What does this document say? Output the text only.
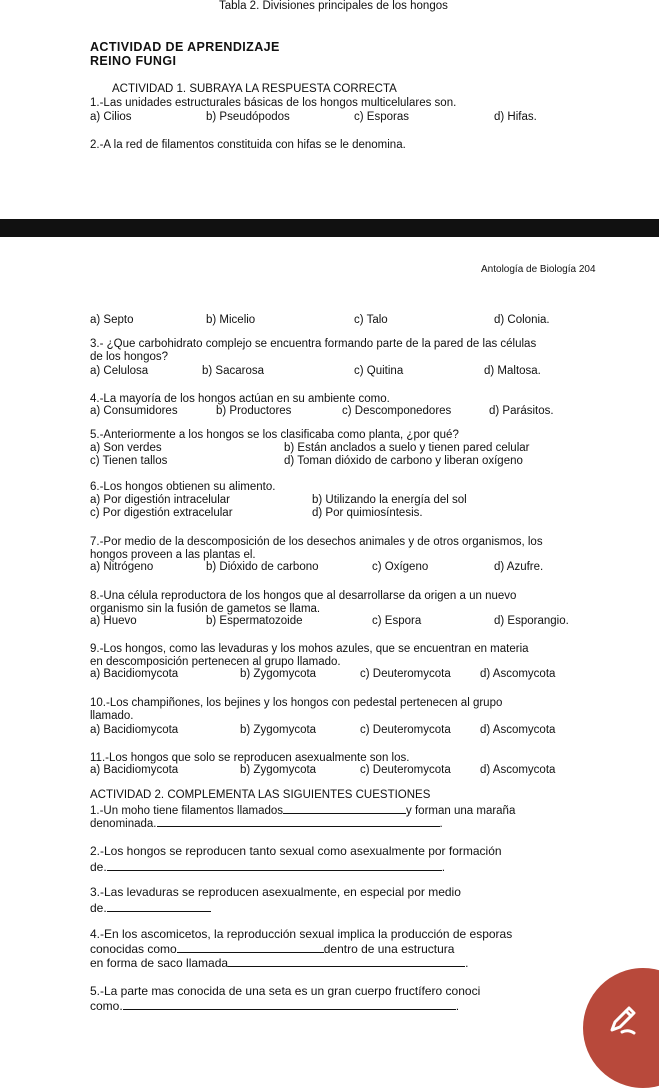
Tabla 2. Divisiones principales de los hongos
ACTIVIDAD DE APRENDIZAJE
REINO FUNGI
ACTIVIDAD 1. SUBRAYA LA RESPUESTA CORRECTA
1.-Las unidades estructurales básicas de los hongos multicelulares son.
a) Cilios	b) Pseudópodos	c) Esporas	d) Hifas.
2.-A la red de filamentos constituida con hifas se le denomina.
Antología de Biología 204
a) Septo	b) Micelio	c) Talo	d) Colonia.
3.- ¿Que carbohidrato complejo se encuentra formando parte de la pared de las células
de los hongos?
a) Celulosa	b) Sacarosa	c) Quitina	d) Maltosa.
4.-La mayoría de los hongos actúan en su ambiente como.
a) Consumidores	b) Productores	c) Descomponedores	d) Parásitos.
5.-Anteriormente a los hongos se los clasificaba como planta, ¿por qué?
a) Son verdes	b) Están anclados a suelo y tienen pared celular
c) Tienen tallos	d) Toman dióxido de carbono y liberan oxígeno
6.-Los hongos obtienen su alimento.
a) Por digestión intracelular	b) Utilizando la energía del sol
c) Por digestión extracelular	d) Por quimiosíntesis.
7.-Por medio de la descomposición de los desechos animales y de otros organismos, los
hongos proveen a las plantas el.
a) Nitrógeno	b) Dióxido de carbono	c) Oxígeno	d) Azufre.
8.-Una célula reproductora de los hongos que al desarrollarse da origen a un nuevo
organismo sin la fusión de gametos se llama.
a) Huevo	b) Espermatozoide	c) Espora	d) Esporangio.
9.-Los hongos, como las levaduras y los mohos azules, que se encuentran en materia
en descomposición pertenecen al grupo llamado.
a) Bacidiomycota	b) Zygomycota	c) Deuteromycota	d) Ascomycota
10.-Los champiñones, los bejines y los hongos con pedestal pertenecen al grupo
llamado.
a) Bacidiomycota	b) Zygomycota	c) Deuteromycota	d) Ascomycota
11.-Los hongos que solo se reproducen asexualmente son los.
a) Bacidiomycota	b) Zygomycota	c) Deuteromycota	d) Ascomycota
ACTIVIDAD 2. COMPLEMENTA LAS SIGUIENTES CUESTIONES
1.-Un moho tiene filamentos llamados	y forman una maraña
denominada.	.
2.-Los hongos se reproducen tanto sexual como asexualmente por formación
de.	.
3.-Las levaduras se reproducen asexualmente, en especial por medio
de.
4.-En los ascomicetos, la reproducción sexual implica la producción de esporas
conocidas como	dentro de una estructura
en forma de saco llamada	.
5.-La parte mas conocida de una seta es un gran cuerpo fructífero conoci
como.	.
